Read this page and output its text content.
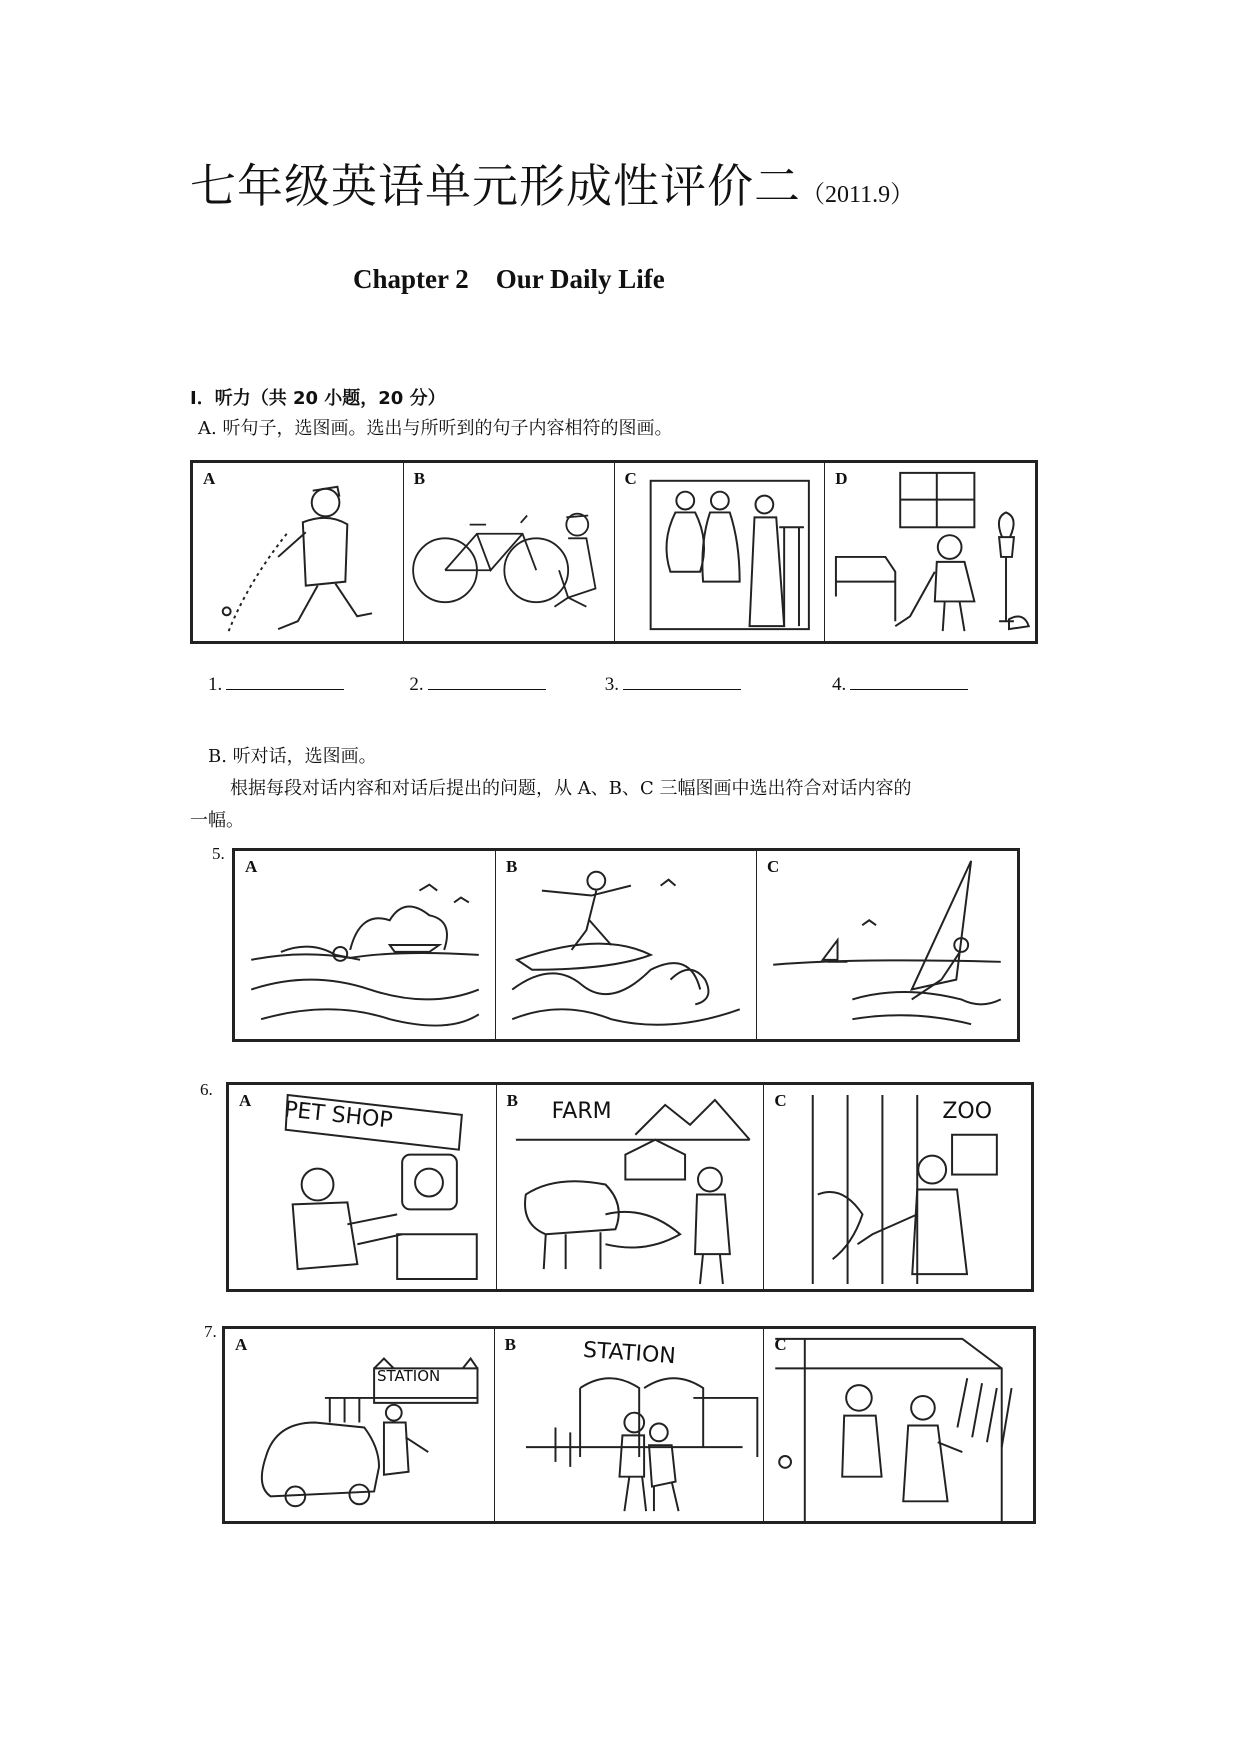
七年级英语单元形成性评价二（2011.9）
Chapter 2    Our Daily Life
I．听力（共 20 小题，20 分）
A. 听句子，选图画。选出与所听到的句子内容相符的图画。
A	B	C	D
1.	2.	3.	4.
B. 听对话，选图画。
根据每段对话内容和对话后提出的问题，从 A、B、C 三幅图画中选出符合对话内容的
一幅。
5.
A	B	C
6.
A PET SHOP	B FARM	C	ZOO
7.
A
STATION
B	STATION	C
